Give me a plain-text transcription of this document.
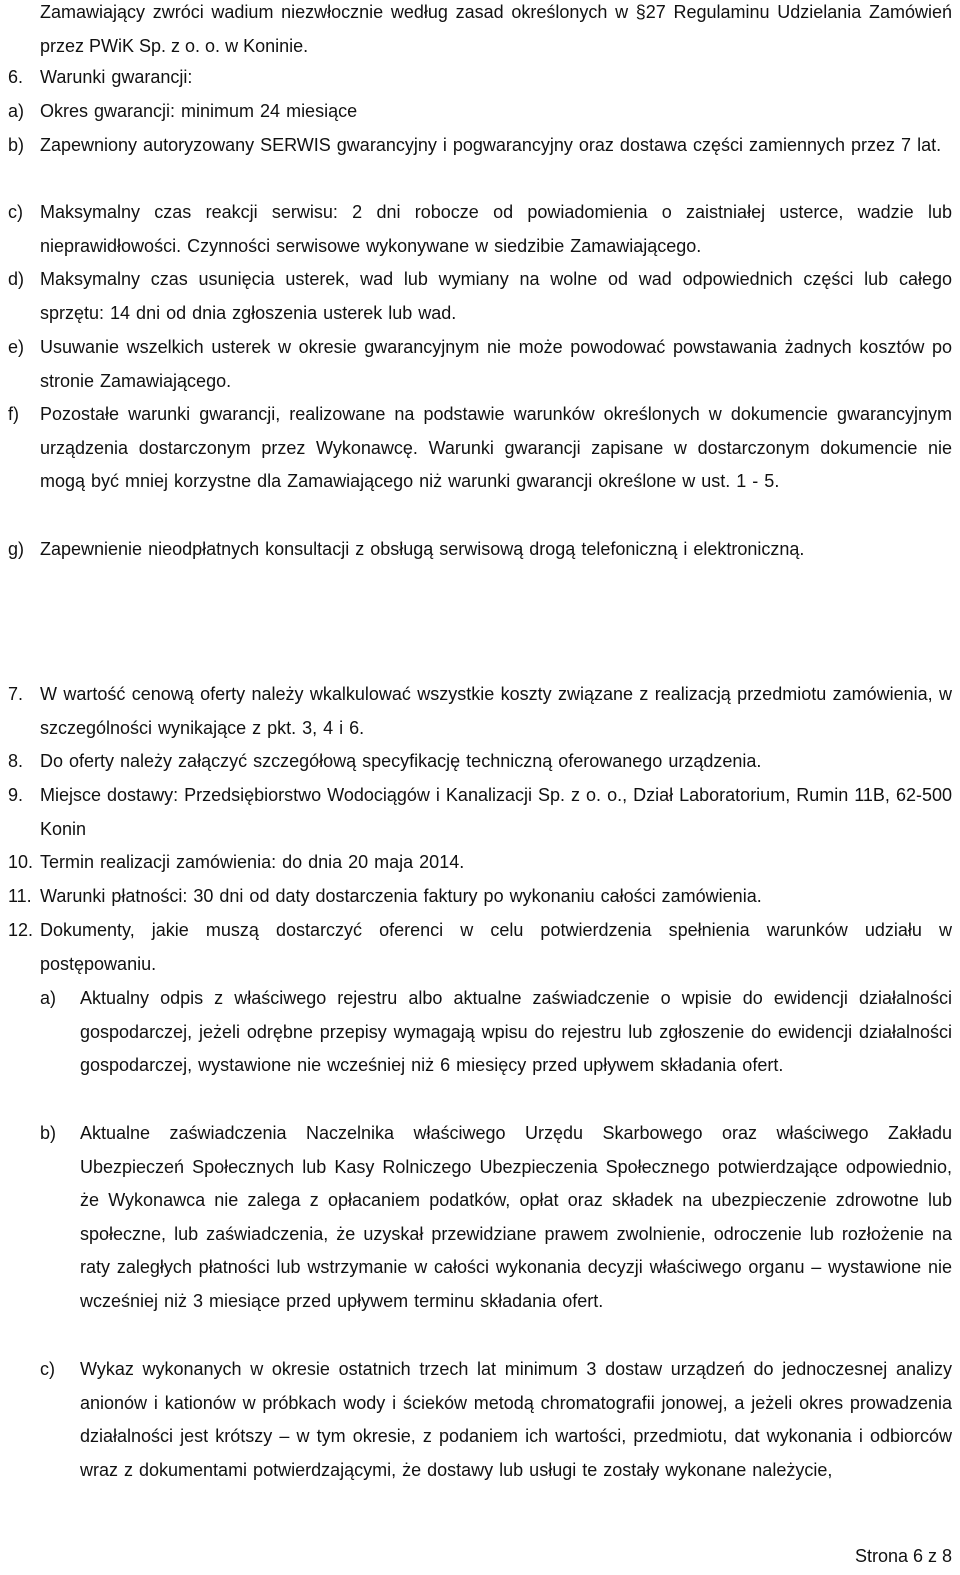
Zamawiający zwróci wadium niezwłocznie według zasad określonych w §27 Regulaminu Udzielania Zamówień przez PWiK Sp. z o. o. w Koninie.
6. Warunki gwarancji:
a) Okres gwarancji: minimum 24 miesiące
b) Zapewniony autoryzowany SERWIS gwarancyjny i pogwarancyjny oraz dostawa części zamiennych przez 7 lat.
c) Maksymalny czas reakcji serwisu: 2 dni robocze od powiadomienia o zaistniałej usterce, wadzie lub nieprawidłowości. Czynności serwisowe wykonywane w siedzibie Zamawiającego.
d) Maksymalny czas usunięcia usterek, wad lub wymiany na wolne od wad odpowiednich części lub całego sprzętu: 14 dni od dnia zgłoszenia usterek lub wad.
e) Usuwanie wszelkich usterek w okresie gwarancyjnym nie może powodować powstawania żadnych kosztów po stronie Zamawiającego.
f) Pozostałe warunki gwarancji, realizowane na podstawie warunków określonych w dokumencie gwarancyjnym urządzenia dostarczonym przez Wykonawcę. Warunki gwarancji zapisane w dostarczonym dokumencie nie mogą być mniej korzystne dla Zamawiającego niż warunki gwarancji określone w ust. 1 - 5.
g) Zapewnienie nieodpłatnych konsultacji z obsługą serwisową drogą telefoniczną i elektroniczną.
7. W wartość cenową oferty należy wkalkulować wszystkie koszty związane z realizacją przedmiotu zamówienia, w szczególności wynikające z pkt. 3, 4 i 6.
8. Do oferty należy załączyć szczegółową specyfikację techniczną oferowanego urządzenia.
9. Miejsce dostawy: Przedsiębiorstwo Wodociągów i Kanalizacji Sp. z o. o., Dział Laboratorium, Rumin 11B, 62-500 Konin
10. Termin realizacji zamówienia: do dnia 20 maja 2014.
11. Warunki płatności: 30 dni od daty dostarczenia faktury po wykonaniu całości zamówienia.
12. Dokumenty, jakie muszą dostarczyć oferenci w celu potwierdzenia spełnienia warunków udziału w postępowaniu.
a) Aktualny odpis z właściwego rejestru albo aktualne zaświadczenie o wpisie do ewidencji działalności gospodarczej, jeżeli odrębne przepisy wymagają wpisu do rejestru lub zgłoszenie do ewidencji działalności gospodarczej, wystawione nie wcześniej niż 6 miesięcy przed upływem składania ofert.
b) Aktualne zaświadczenia Naczelnika właściwego Urzędu Skarbowego oraz właściwego Zakładu Ubezpieczeń Społecznych lub Kasy Rolniczego Ubezpieczenia Społecznego potwierdzające odpowiednio, że Wykonawca nie zalega z opłacaniem podatków, opłat oraz składek na ubezpieczenie zdrowotne lub społeczne, lub zaświadczenia, że uzyskał przewidziane prawem zwolnienie, odroczenie lub rozłożenie na raty zaległych płatności lub wstrzymanie w całości wykonania decyzji właściwego organu – wystawione nie wcześniej niż 3 miesiące przed upływem terminu składania ofert.
c) Wykaz wykonanych w okresie ostatnich trzech lat minimum 3 dostaw urządzeń do jednoczesnej analizy anionów i kationów w próbkach wody i ścieków metodą chromatografii jonowej, a jeżeli okres prowadzenia działalności jest krótszy – w tym okresie, z podaniem ich wartości, przedmiotu, dat wykonania i odbiorców wraz z dokumentami potwierdzającymi, że dostawy lub usługi te zostały wykonane należycie,
Strona 6 z 8
